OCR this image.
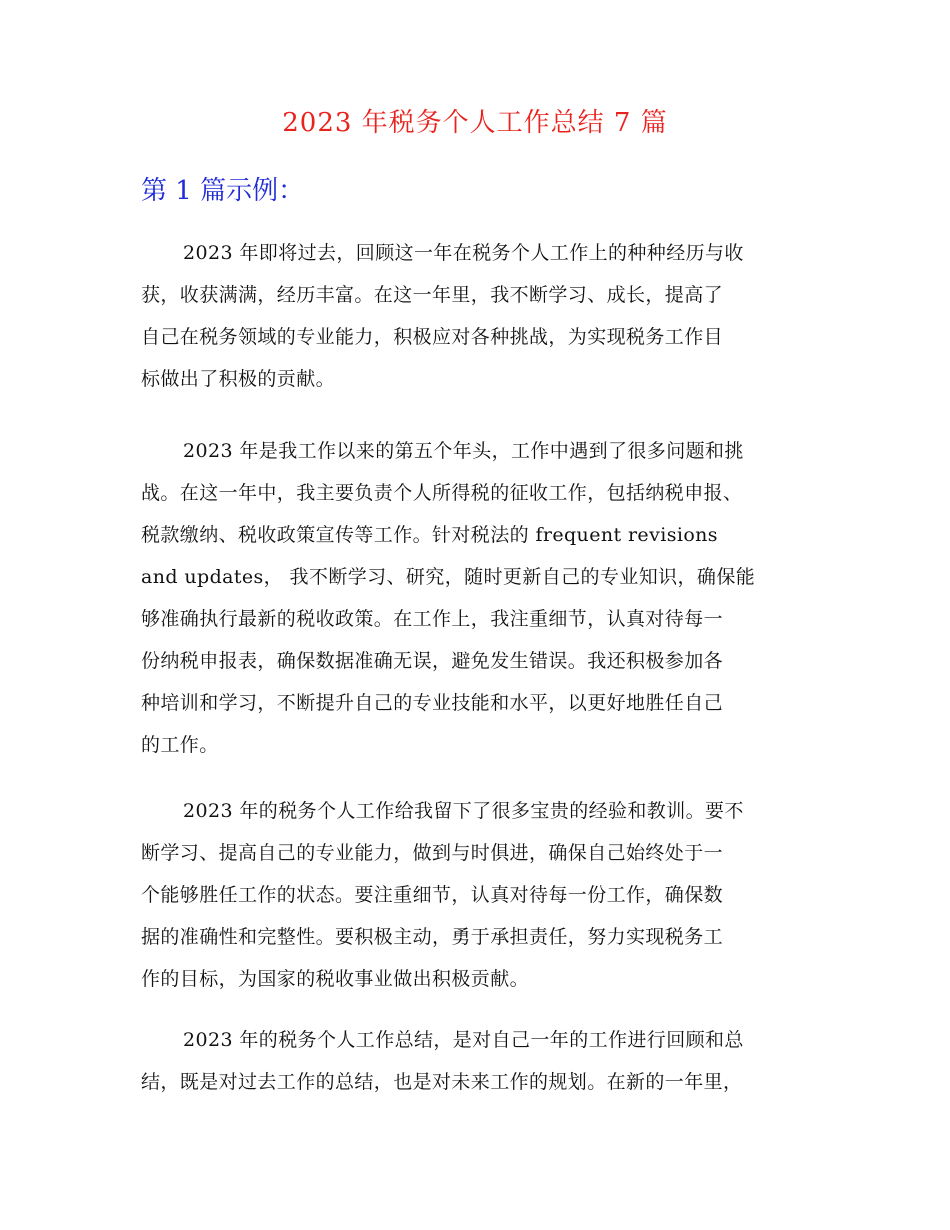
2023 年税务个人工作总结 7 篇
第 1 篇示例：
2023 年即将过去，回顾这一年在税务个人工作上的种种经历与收
获，收获满满，经历丰富。在这一年里，我不断学习、成长，提高了
自己在税务领域的专业能力，积极应对各种挑战，为实现税务工作目
标做出了积极的贡献。
2023 年是我工作以来的第五个年头，工作中遇到了很多问题和挑
战。在这一年中，我主要负责个人所得税的征收工作，包括纳税申报、
税款缴纳、税收政策宣传等工作。针对税法的 frequent revisions
and updates， 我不断学习、研究，随时更新自己的专业知识，确保能
够准确执行最新的税收政策。在工作上，我注重细节，认真对待每一
份纳税申报表，确保数据准确无误，避免发生错误。我还积极参加各
种培训和学习，不断提升自己的专业技能和水平，以更好地胜任自己
的工作。
2023 年的税务个人工作给我留下了很多宝贵的经验和教训。要不
断学习、提高自己的专业能力，做到与时俱进，确保自己始终处于一
个能够胜任工作的状态。要注重细节，认真对待每一份工作，确保数
据的准确性和完整性。要积极主动，勇于承担责任，努力实现税务工
作的目标，为国家的税收事业做出积极贡献。
2023 年的税务个人工作总结，是对自己一年的工作进行回顾和总
结，既是对过去工作的总结，也是对未来工作的规划。在新的一年里，
